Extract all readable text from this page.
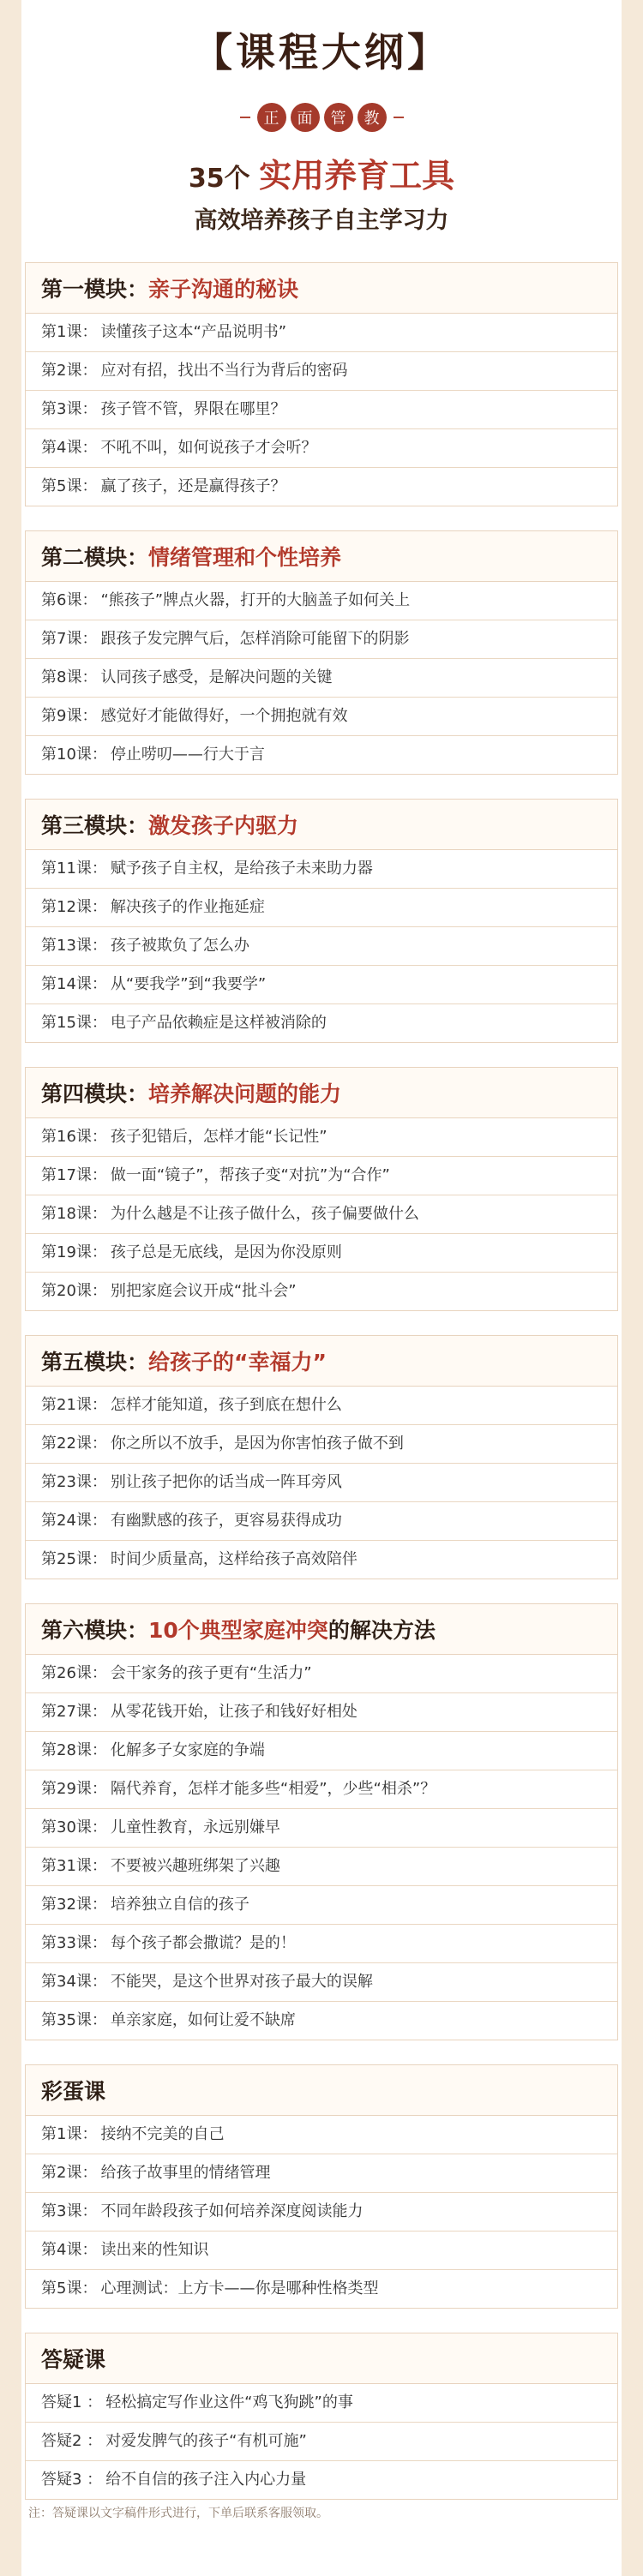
【课程大纲】
正	面	管	教
35个 实用养育工具
高效培养孩子自主学习力
第一模块：亲子沟通的秘诀
第1课： 读懂孩子这本“产品说明书”
第2课： 应对有招，找出不当行为背后的密码
第3课： 孩子管不管，界限在哪里？
第4课： 不吼不叫，如何说孩子才会听？
第5课： 赢了孩子，还是赢得孩子？
第二模块：情绪管理和个性培养
第6课： “熊孩子”牌点火器，打开的大脑盖子如何关上
第7课： 跟孩子发完脾气后，怎样消除可能留下的阴影
第8课： 认同孩子感受，是解决问题的关键
第9课： 感觉好才能做得好，一个拥抱就有效
第10课： 停止唠叨——行大于言
第三模块：激发孩子内驱力
第11课： 赋予孩子自主权，是给孩子未来助力器
第12课： 解决孩子的作业拖延症
第13课： 孩子被欺负了怎么办
第14课： 从“要我学”到“我要学”
第15课： 电子产品依赖症是这样被消除的
第四模块：培养解决问题的能力
第16课： 孩子犯错后，怎样才能“长记性”
第17课： 做一面“镜子”，帮孩子变“对抗”为“合作”
第18课： 为什么越是不让孩子做什么，孩子偏要做什么
第19课： 孩子总是无底线，是因为你没原则
第20课： 别把家庭会议开成“批斗会”
第五模块：给孩子的“幸福力”
第21课： 怎样才能知道，孩子到底在想什么
第22课： 你之所以不放手，是因为你害怕孩子做不到
第23课： 别让孩子把你的话当成一阵耳旁风
第24课： 有幽默感的孩子，更容易获得成功
第25课： 时间少质量高，这样给孩子高效陪伴
第六模块：10个典型家庭冲突的解决方法
第26课： 会干家务的孩子更有“生活力”
第27课： 从零花钱开始，让孩子和钱好好相处
第28课： 化解多子女家庭的争端
第29课： 隔代养育，怎样才能多些“相爱”，少些“相杀”？
第30课： 儿童性教育，永远别嫌早
第31课： 不要被兴趣班绑架了兴趣
第32课： 培养独立自信的孩子
第33课： 每个孩子都会撒谎？是的！
第34课： 不能哭，是这个世界对孩子最大的误解
第35课： 单亲家庭，如何让爱不缺席
彩蛋课
第1课： 接纳不完美的自己
第2课： 给孩子故事里的情绪管理
第3课： 不同年龄段孩子如何培养深度阅读能力
第4课： 读出来的性知识
第5课： 心理测试：上方卡——你是哪种性格类型
答疑课
答疑1 ： 轻松搞定写作业这件“鸡飞狗跳”的事
答疑2 ： 对爱发脾气的孩子“有机可施”
答疑3 ： 给不自信的孩子注入内心力量
注：答疑课以文字稿件形式进行，下单后联系客服领取。
